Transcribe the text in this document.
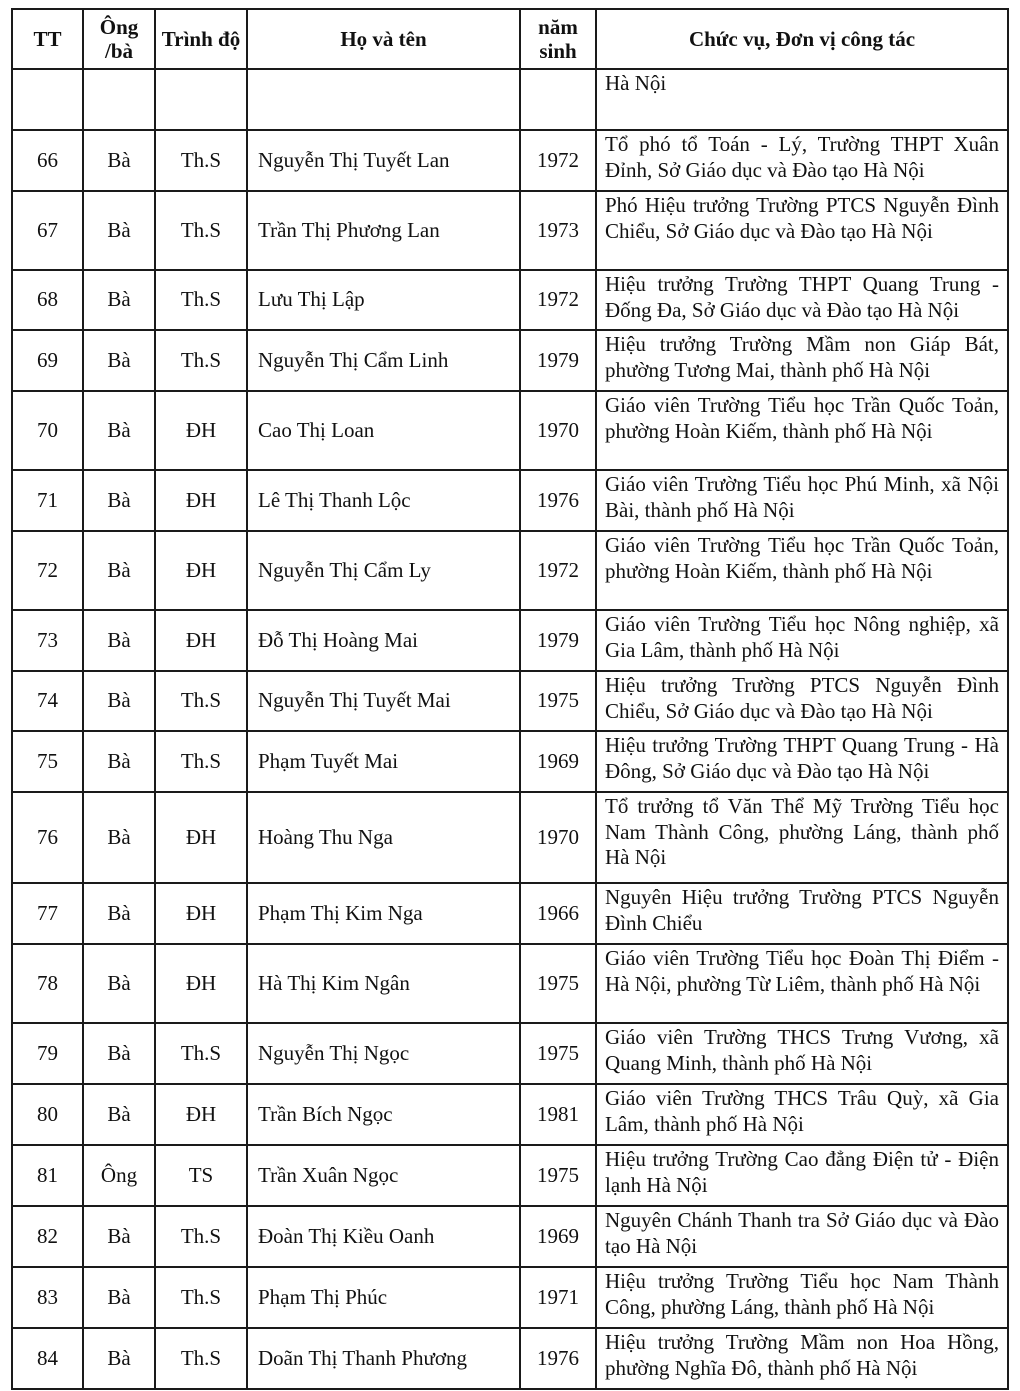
TT	Ông /bà	Trình độ	Họ và tên	năm sinh	Chức vụ, Đơn vị công tác
					Hà Nội
66	Bà	Th.S	Nguyễn Thị Tuyết Lan	1972	Tổ phó tổ Toán - Lý, Trường THPT Xuân Đỉnh, Sở Giáo dục và Đào tạo Hà Nội
67	Bà	Th.S	Trần Thị Phương Lan	1973	Phó Hiệu trưởng Trường PTCS Nguyễn Đình Chiểu, Sở Giáo dục và Đào tạo Hà Nội
68	Bà	Th.S	Lưu Thị Lập	1972	Hiệu trưởng Trường THPT Quang Trung - Đống Đa, Sở Giáo dục và Đào tạo Hà Nội
69	Bà	Th.S	Nguyễn Thị Cẩm Linh	1979	Hiệu trưởng Trường Mầm non Giáp Bát, phường Tương Mai, thành phố Hà Nội
70	Bà	ĐH	Cao Thị Loan	1970	Giáo viên Trường Tiểu học Trần Quốc Toản, phường Hoàn Kiếm, thành phố Hà Nội
71	Bà	ĐH	Lê Thị Thanh Lộc	1976	Giáo viên Trường Tiểu học Phú Minh, xã Nội Bài, thành phố Hà Nội
72	Bà	ĐH	Nguyễn Thị Cẩm Ly	1972	Giáo viên Trường Tiểu học Trần Quốc Toản, phường Hoàn Kiếm, thành phố Hà Nội
73	Bà	ĐH	Đỗ Thị Hoàng Mai	1979	Giáo viên Trường Tiểu học Nông nghiệp, xã Gia Lâm, thành phố Hà Nội
74	Bà	Th.S	Nguyễn Thị Tuyết Mai	1975	Hiệu trưởng Trường PTCS Nguyễn Đình Chiểu, Sở Giáo dục và Đào tạo Hà Nội
75	Bà	Th.S	Phạm Tuyết Mai	1969	Hiệu trưởng Trường THPT Quang Trung - Hà Đông, Sở Giáo dục và Đào tạo Hà Nội
76	Bà	ĐH	Hoàng Thu Nga	1970	Tổ trưởng tổ Văn Thể Mỹ Trường Tiểu học Nam Thành Công, phường Láng, thành phố Hà Nội
77	Bà	ĐH	Phạm Thị Kim Nga	1966	Nguyên Hiệu trưởng Trường PTCS Nguyễn Đình Chiểu
78	Bà	ĐH	Hà Thị Kim Ngân	1975	Giáo viên Trường Tiểu học Đoàn Thị Điểm - Hà Nội, phường Từ Liêm, thành phố Hà Nội
79	Bà	Th.S	Nguyễn Thị Ngọc	1975	Giáo viên Trường THCS Trưng Vương, xã Quang Minh, thành phố Hà Nội
80	Bà	ĐH	Trần Bích Ngọc	1981	Giáo viên Trường THCS Trâu Quỳ, xã Gia Lâm, thành phố Hà Nội
81	Ông	TS	Trần Xuân Ngọc	1975	Hiệu trưởng Trường Cao đẳng Điện tử - Điện lạnh Hà Nội
82	Bà	Th.S	Đoàn Thị Kiều Oanh	1969	Nguyên Chánh Thanh tra Sở Giáo dục và Đào tạo Hà Nội
83	Bà	Th.S	Phạm Thị Phúc	1971	Hiệu trưởng Trường Tiểu học Nam Thành Công, phường Láng, thành phố Hà Nội
84	Bà	Th.S	Doãn Thị Thanh Phương	1976	Hiệu trưởng Trường Mầm non Hoa Hồng, phường Nghĩa Đô, thành phố Hà Nội
